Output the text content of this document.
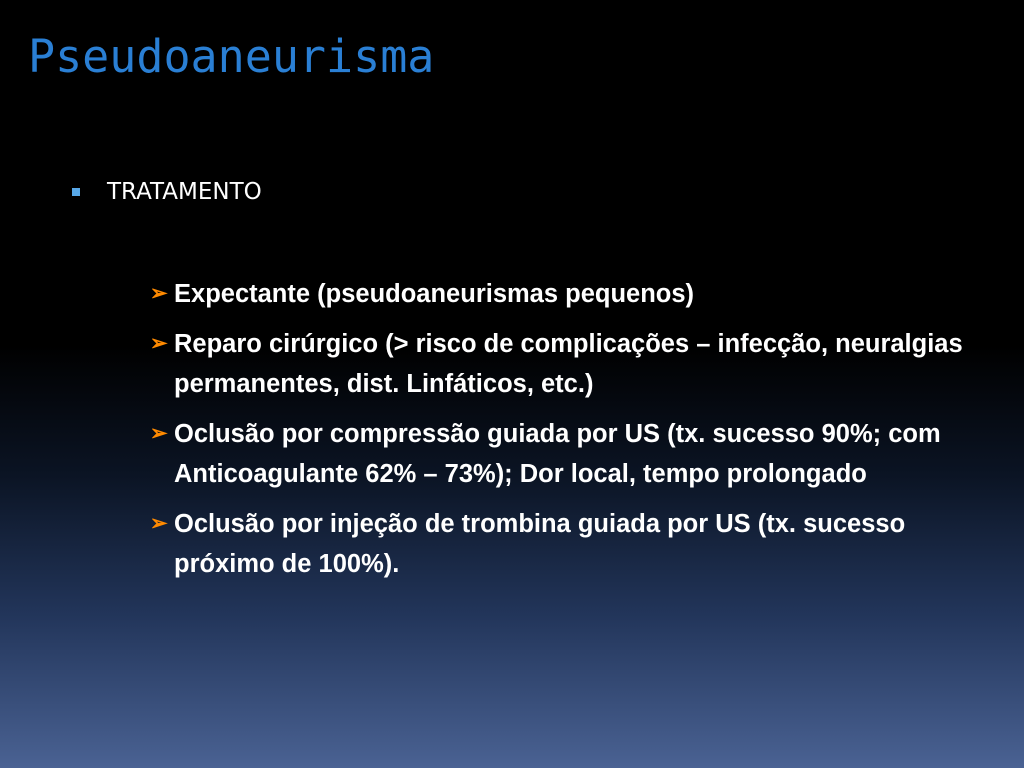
Pseudoaneurisma
TRATAMENTO
➢ Expectante (pseudoaneurismas pequenos)
➢ Reparo cirúrgico (> risco de complicações – infecção, neuralgias permanentes, dist. Linfáticos, etc.)
➢ Oclusão por compressão guiada por US (tx. sucesso 90%; com Anticoagulante 62% – 73%); Dor local, tempo prolongado
➢ Oclusão por injeção de trombina guiada por US (tx. sucesso próximo de 100%).
